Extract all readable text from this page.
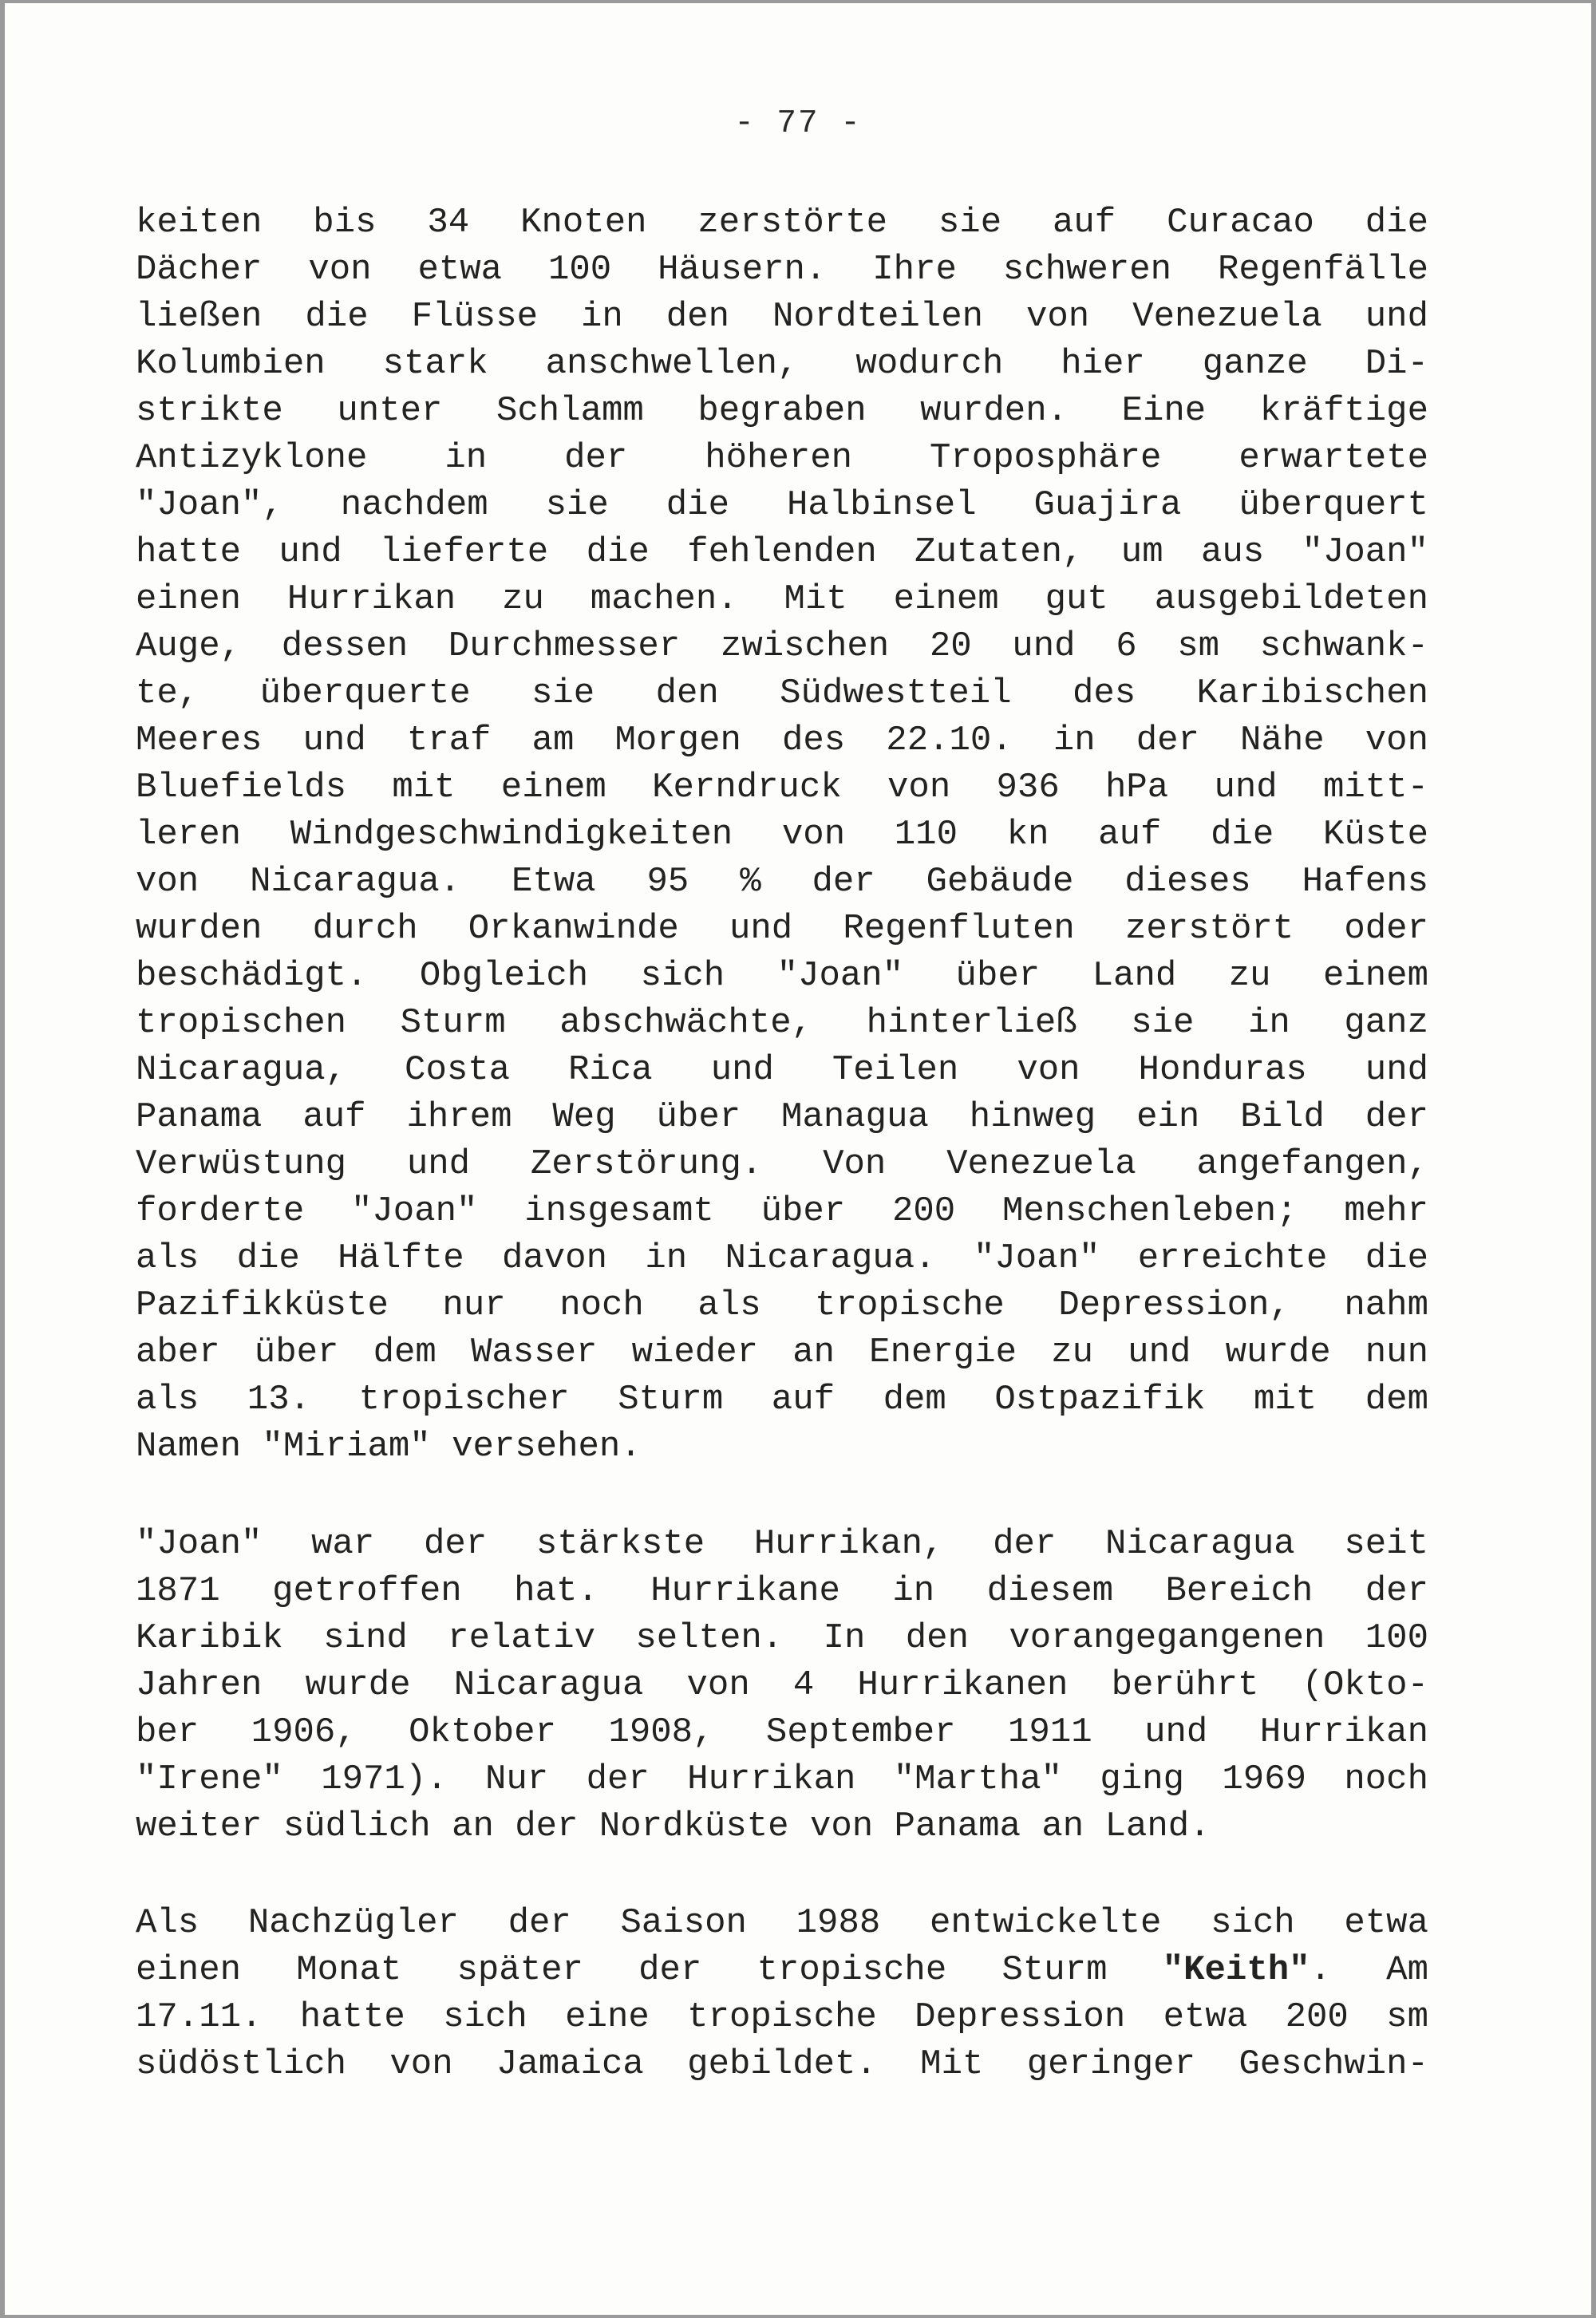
- 77 -
keiten bis 34 Knoten zerstörte sie auf Curacao die
Dächer von etwa 100 Häusern. Ihre schweren Regenfälle
ließen die Flüsse in den Nordteilen von Venezuela und
Kolumbien stark anschwellen, wodurch hier ganze Di-
strikte unter Schlamm begraben wurden. Eine kräftige
Antizyklone in der höheren Troposphäre erwartete
"Joan", nachdem sie die Halbinsel Guajira überquert
hatte und lieferte die fehlenden Zutaten, um aus "Joan"
einen Hurrikan zu machen. Mit einem gut ausgebildeten
Auge, dessen Durchmesser zwischen 20 und 6 sm schwank-
te, überquerte sie den Südwestteil des Karibischen
Meeres und traf am Morgen des 22.10. in der Nähe von
Bluefields mit einem Kerndruck von 936 hPa und mitt-
leren Windgeschwindigkeiten von 110 kn auf die Küste
von Nicaragua. Etwa 95 % der Gebäude dieses Hafens
wurden durch Orkanwinde und Regenfluten zerstört oder
beschädigt. Obgleich sich "Joan" über Land zu einem
tropischen Sturm abschwächte, hinterließ sie in ganz
Nicaragua, Costa Rica und Teilen von Honduras und
Panama auf ihrem Weg über Managua hinweg ein Bild der
Verwüstung und Zerstörung. Von Venezuela angefangen,
forderte "Joan" insgesamt über 200 Menschenleben; mehr
als die Hälfte davon in Nicaragua. "Joan" erreichte die
Pazifikküste nur noch als tropische Depression, nahm
aber über dem Wasser wieder an Energie zu und wurde nun
als 13. tropischer Sturm auf dem Ostpazifik mit dem
Namen "Miriam" versehen.
"Joan" war der stärkste Hurrikan, der Nicaragua seit
1871 getroffen hat. Hurrikane in diesem Bereich der
Karibik sind relativ selten. In den vorangegangenen 100
Jahren wurde Nicaragua von 4 Hurrikanen berührt (Okto-
ber 1906, Oktober 1908, September 1911 und Hurrikan
"Irene" 1971). Nur der Hurrikan "Martha" ging 1969 noch
weiter südlich an der Nordküste von Panama an Land.
Als Nachzügler der Saison 1988 entwickelte sich etwa
einen Monat später der tropische Sturm "Keith". Am
17.11. hatte sich eine tropische Depression etwa 200 sm
südöstlich von Jamaica gebildet. Mit geringer Geschwin-
